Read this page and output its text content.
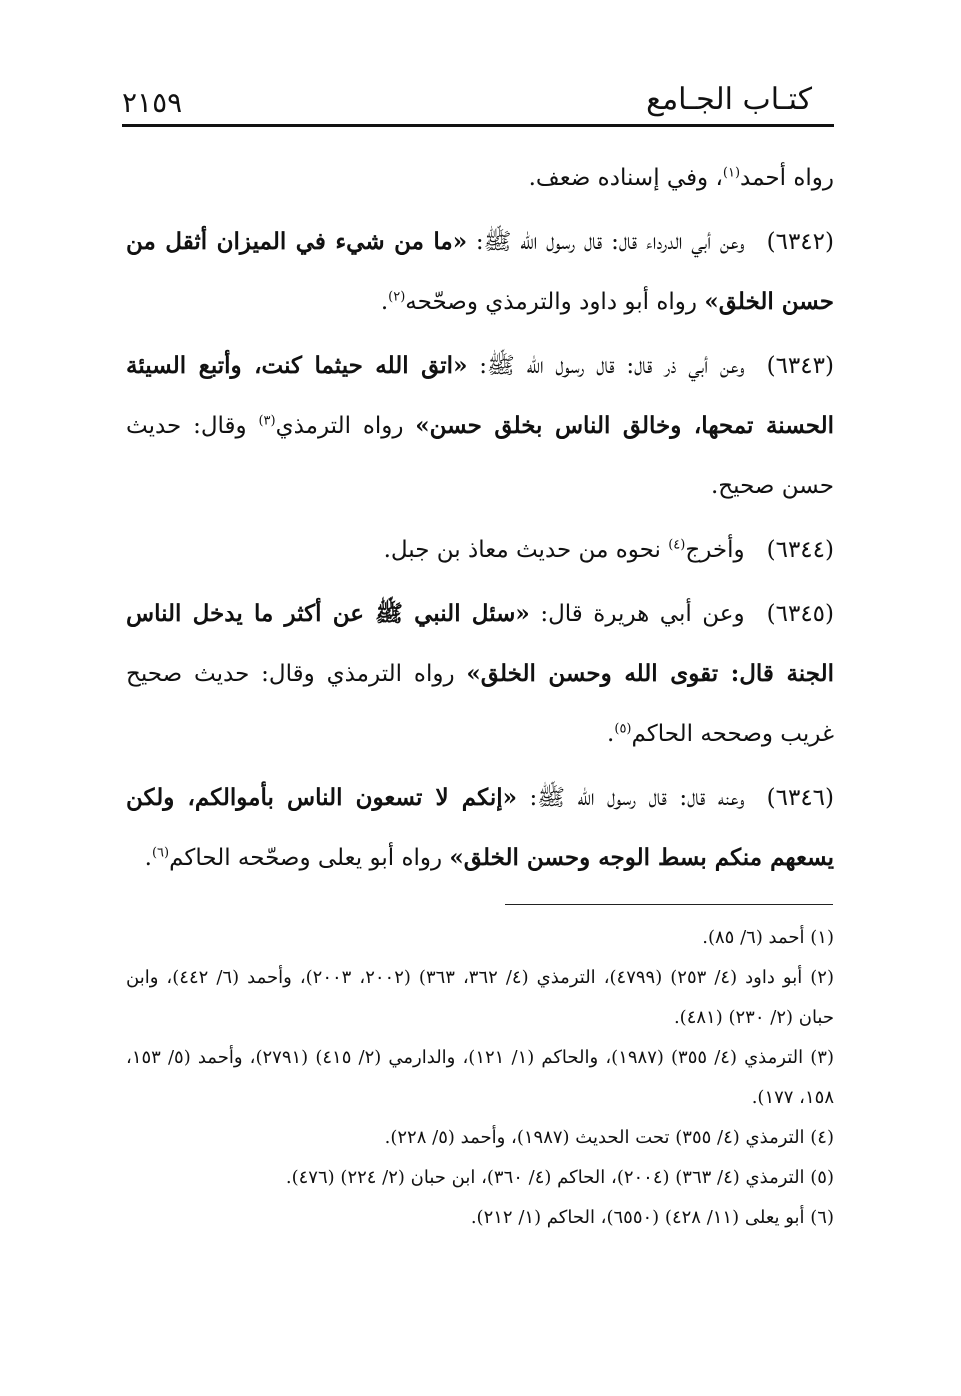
كتـاب الجـامع
٢١٥٩

رواه أحمد$^{(١)}$، وفي إسناده ضعف.

(٦٣٤٢)وعن أبي الدرداء قال: قال رسول الله ﷺ: «ما من شيء في الميزان أثقل من حسن الخلق» رواه أبو داود والترمذي وصحّحه$^{(٢)}$.

(٦٣٤٣)وعن أبي ذر قال: قال رسول الله ﷺ: «اتق الله حيثما كنت، وأتبع السيئة الحسنة تمحها، وخالق الناس بخلق حسن» رواه الترمذي$^{(٣)}$ وقال: حديث حسن صحيح.

(٦٣٤٤)وأخرج$^{(٤)}$ نحوه من حديث معاذ بن جبل.

(٦٣٤٥)وعن أبي هريرة قال: «سئل النبي ﷺ عن أكثر ما يدخل الناس الجنة قال: تقوى الله وحسن الخلق» رواه الترمذي وقال: حديث صحيح غريب وصححه الحاكم$^{(٥)}$.

(٦٣٤٦)وعنه قال: قال رسول الله ﷺ: «إنكم لا تسعون الناس بأموالكم، ولكن يسعهم منكم بسط الوجه وحسن الخلق» رواه أبو يعلى وصحّحه الحاكم$^{(٦)}$.

(١) أحمد (٦/ ٨٥).

(٢) أبو داود (٤/ ٢٥٣) (٤٧٩٩)، الترمذي (٤/ ٣٦٢، ٣٦٣) (٢٠٠٢، ٢٠٠٣)، وأحمد (٦/ ٤٤٢)، وابن حبان (٢/ ٢٣٠) (٤٨١).

(٣) الترمذي (٤/ ٣٥٥) (١٩٨٧)، والحاكم (١/ ١٢١)، والدارمي (٢/ ٤١٥) (٢٧٩١)، وأحمد (٥/ ١٥٣، ١٥٨، ١٧٧).

(٤) الترمذي (٤/ ٣٥٥) تحت الحديث (١٩٨٧)، وأحمد (٥/ ٢٢٨).

(٥) الترمذي (٤/ ٣٦٣) (٢٠٠٤)، الحاكم (٤/ ٣٦٠)، ابن حبان (٢/ ٢٢٤) (٤٧٦).

(٦) أبو يعلى (١١/ ٤٢٨) (٦٥٥٠)، الحاكم (١/ ٢١٢).
